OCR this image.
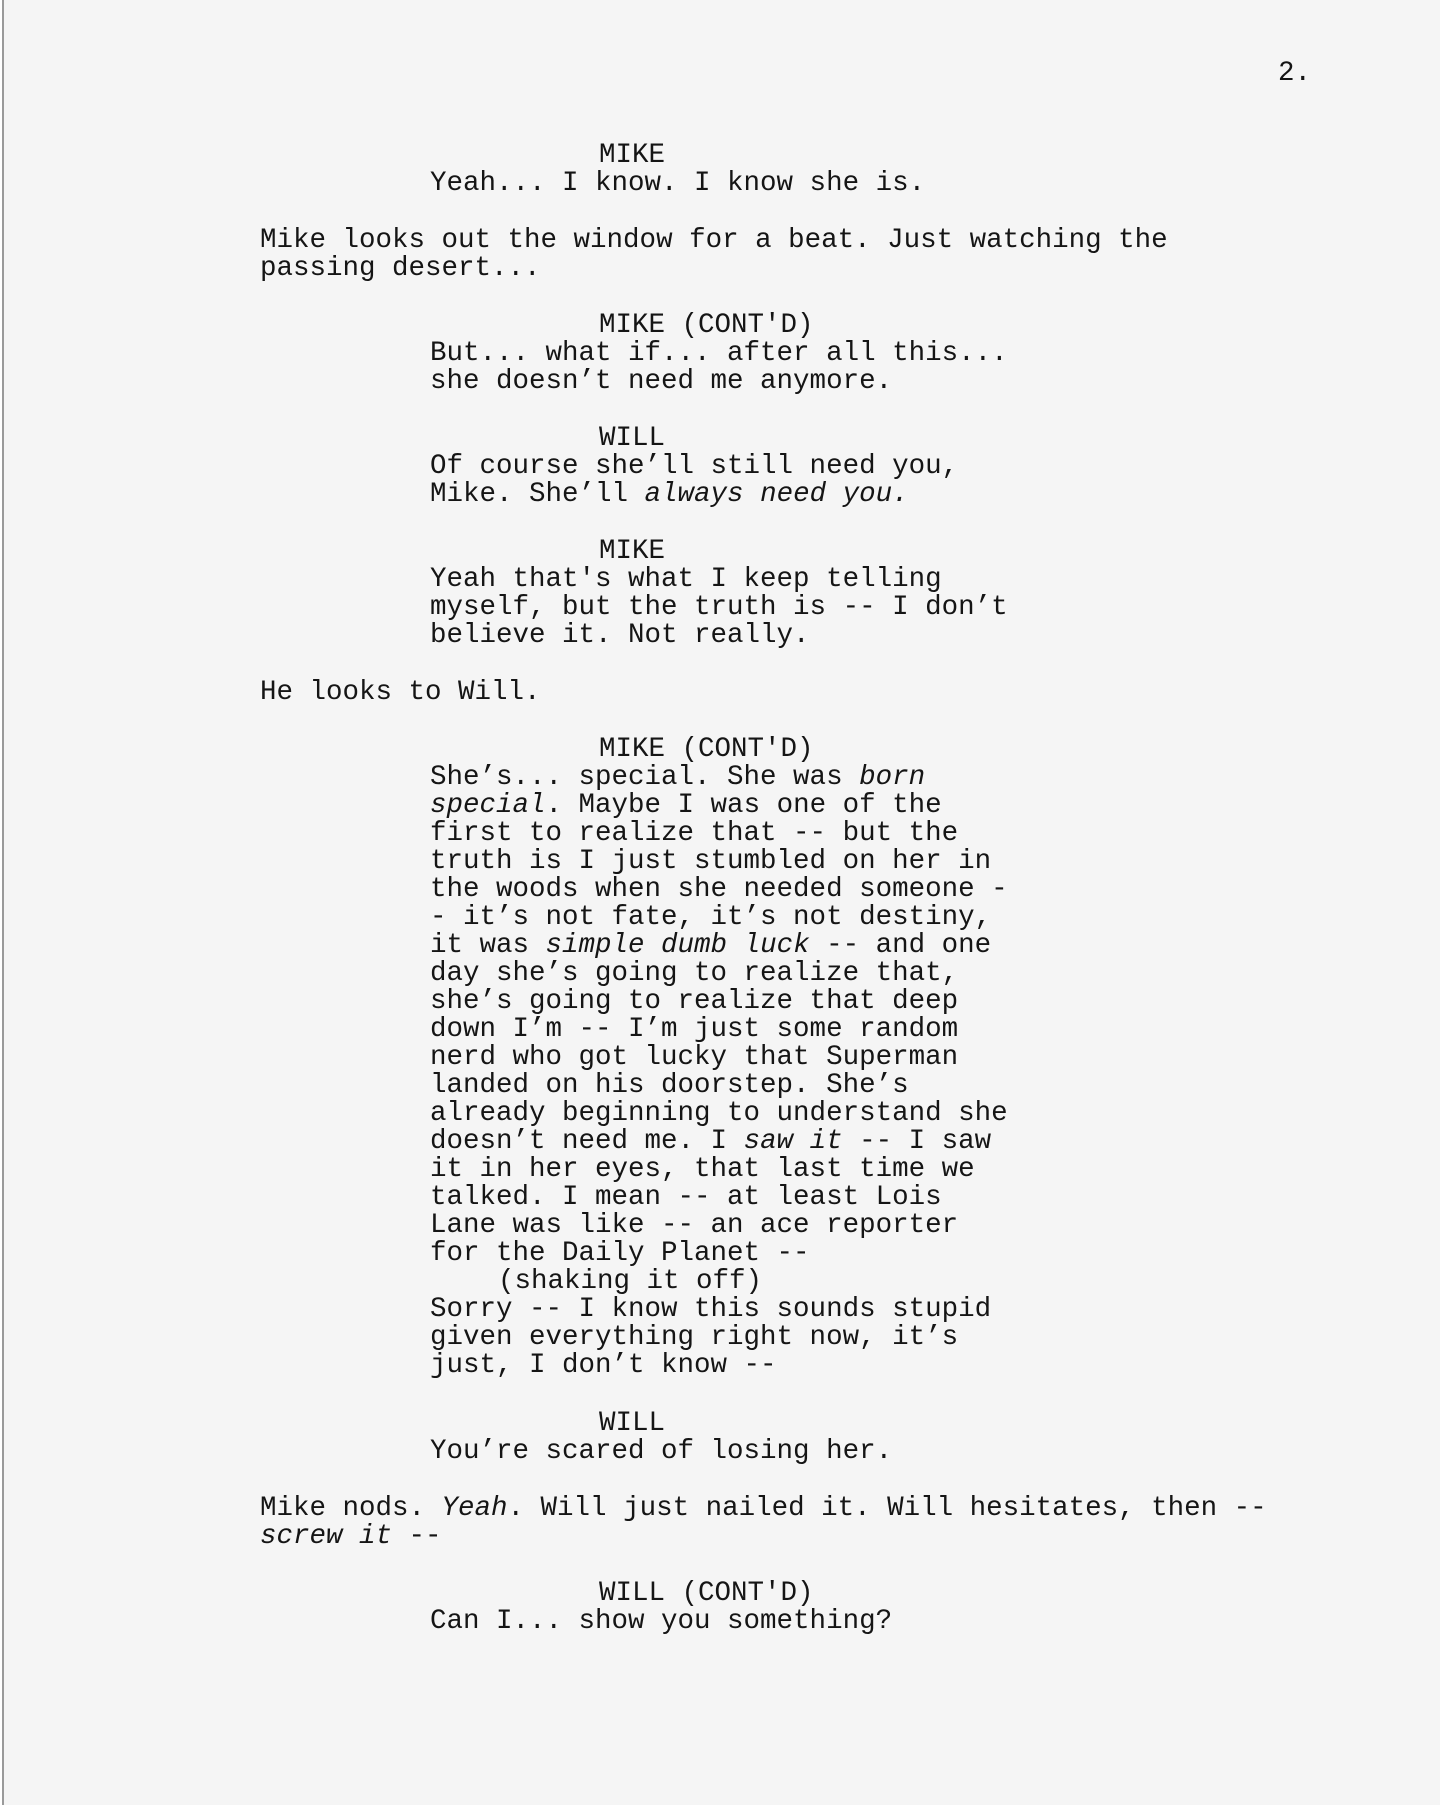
2.

MIKE

Yeah... I know. I know she is.

Mike looks out the window for a beat. Just watching the

passing desert...

MIKE (CONT'D)

But... what if... after all this...

she doesn’t need me anymore.

WILL

Of course she’ll still need you,

Mike. She’ll always need you.

MIKE

Yeah that's what I keep telling

myself, but the truth is -- I don’t

believe it. Not really.

He looks to Will.

MIKE (CONT'D)

She’s... special. She was born

special. Maybe I was one of the

first to realize that -- but the

truth is I just stumbled on her in

the woods when she needed someone -

- it’s not fate, it’s not destiny,

it was simple dumb luck -- and one

day she’s going to realize that,

she’s going to realize that deep

down I’m -- I’m just some random

nerd who got lucky that Superman

landed on his doorstep. She’s

already beginning to understand she

doesn’t need me. I saw it -- I saw

it in her eyes, that last time we

talked. I mean -- at least Lois

Lane was like -- an ace reporter

for the Daily Planet --

(shaking it off)

Sorry -- I know this sounds stupid

given everything right now, it’s

just, I don’t know --

WILL

You’re scared of losing her.

Mike nods. Yeah. Will just nailed it. Will hesitates, then --

screw it --

WILL (CONT'D)

Can I... show you something?
